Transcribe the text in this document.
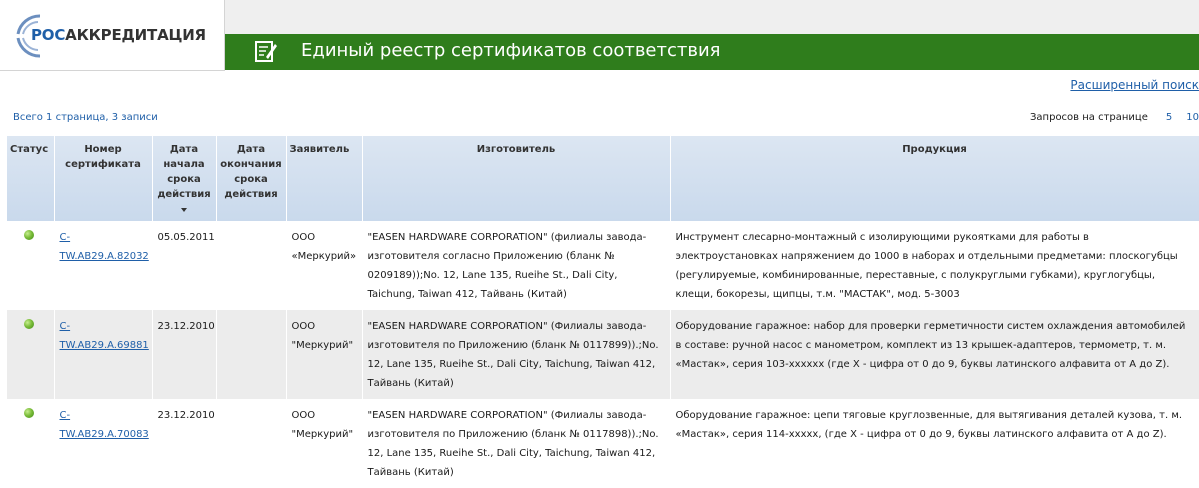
РОСАККРЕДИТАЦИЯ
Единый реестр сертификатов соответствия
Расширенный поиск
Всего 1 страница, 3 записи	Запросов на странице 5 10
Статус	Номер сертификата	Дата начала срока действия	Дата окончания срока действия	Заявитель	Изготовитель	Продукция
	C-TW.AB29.A.82032	05.05.2011		ООО «Меркурий»	"EASEN HARDWARE CORPORATION" (филиалы завода-изготовителя согласно Приложению (бланк № 0209189));No. 12, Lane 135, Rueihe St., Dali City, Taichung, Taiwan 412, Тайвань (Китай)	Инструмент слесарно-монтажный с изолирующими рукоятками для работы в электроустановках напряжением до 1000 в наборах и отдельными предметами: плоскогубцы (регулируемые, комбинированные, переставные, с полукруглыми губками), круглогубцы, клещи, бокорезы, щипцы, т.м. "МАСТАК", мод. 5-3003
	C-TW.AB29.A.69881	23.12.2010		ООО "Меркурий"	"EASEN HARDWARE CORPORATION" (Филиалы завода-изготовителя по Приложению (бланк № 0117899)).;No. 12, Lane 135, Rueihe St., Dali City, Taichung, Taiwan 412, Тайвань (Китай)	Оборудование гаражное: набор для проверки герметичности систем охлаждения автомобилей в составе: ручной насос с манометром, комплект из 13 крышек-адаптеров, термометр, т. м. «Мастак», серия 103-xxxxxx (где X - цифра от 0 до 9, буквы латинского алфавита от A до Z).
	C-TW.AB29.A.70083	23.12.2010		ООО "Меркурий"	"EASEN HARDWARE CORPORATION" (Филиалы завода-изготовителя по Приложению (бланк № 0117898)).;No. 12, Lane 135, Rueihe St., Dali City, Taichung, Taiwan 412, Тайвань (Китай)	Оборудование гаражное: цепи тяговые круглозвенные, для вытягивания деталей кузова, т. м. «Мастак», серия 114-xxxxx, (где X - цифра от 0 до 9, буквы латинского алфавита от A до Z).
